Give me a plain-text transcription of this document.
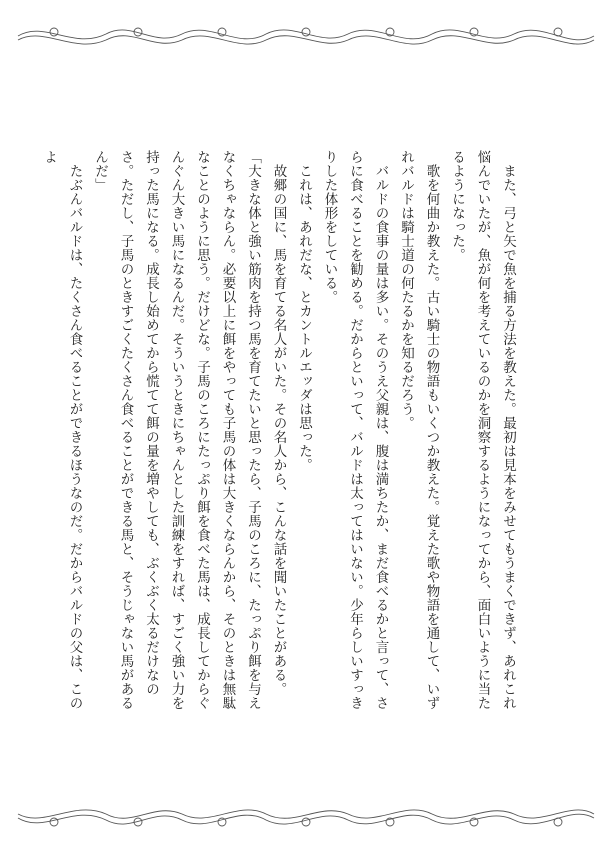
　また、弓と矢で魚を捕る方法を教えた。最初は見本をみせてもうまくできず、あれこれ悩んでいたが、魚が何を考えているのかを洞察するようになってから、面白いように当たるようになった。

　歌を何曲か教えた。古い騎士の物語もいくつか教えた。覚えた歌や物語を通して、いずれバルドは騎士道の何たるかを知るだろう。

　バルドの食事の量は多い。そのうえ父親は、腹は満ちたか、まだ食べるかと言って、さらに食べることを勧める。だからといって、バルドは太ってはいない。少年らしいすっきりした体形をしている。

　これは、あれだな、とカントルエッダは思った。

　故郷の国に、馬を育てる名人がいた。その名人から、こんな話を聞いたことがある。

「大きな体と強い筋肉を持つ馬を育てたいと思ったら、子馬のころに、たっぷり餌を与えなくちゃならん。必要以上に餌をやっても子馬の体は大きくならんから、そのときは無駄なことのように思う。だけどな。子馬のころにたっぷり餌を食べた馬は、成長してからぐんぐん大きい馬になるんだ。そういうときにちゃんとした訓練をすれば、すごく強い力を持った馬になる。成長し始めてから慌てて餌の量を増やしても、ぶくぶく太るだけなのさ。ただし、子馬のときすごくたくさん食べることができる馬と、そうじゃない馬があるんだ」

　たぶんバルドは、たくさん食べることができるほうなのだ。だからバルドの父は、このよ
